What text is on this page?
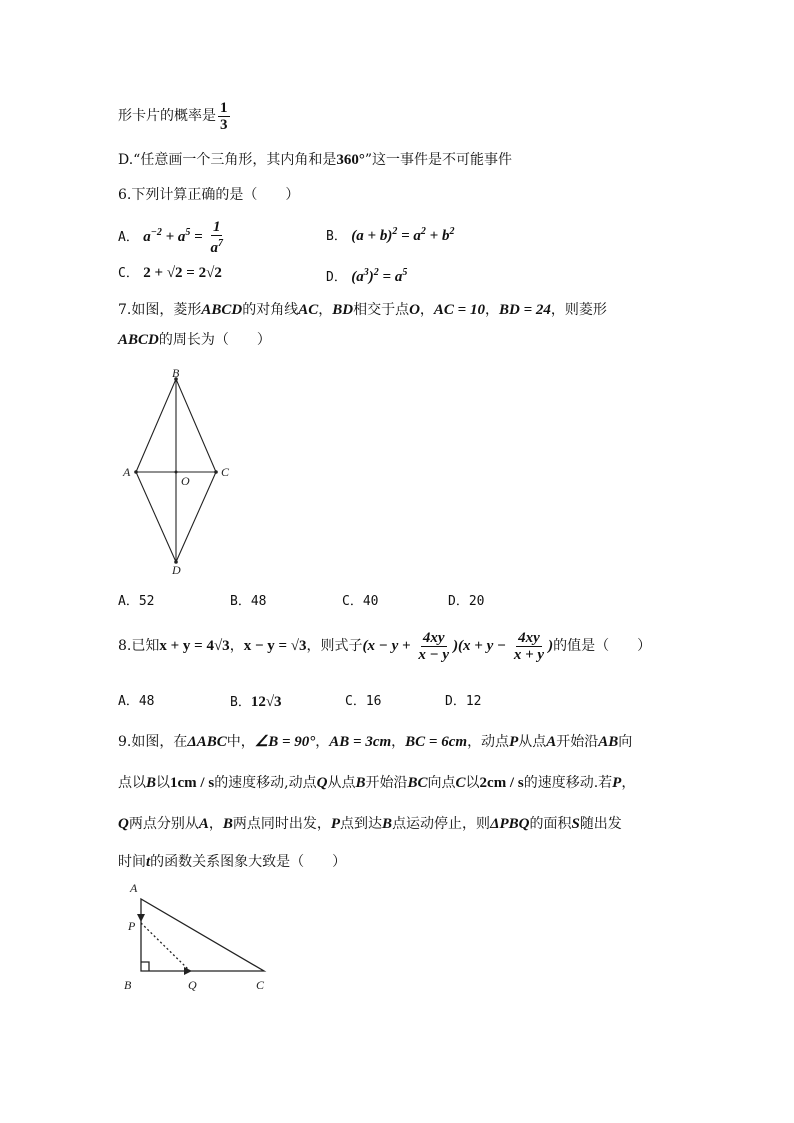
形卡片的概率是 $\frac{1}{3}$
D.“任意画一个三角形，其内角和是360°”这一事件是不可能事件
6.下列计算正确的是（　　）
A． $a^{-2} + a^5 = \frac{1}{a^7}$	B． $(a + b)^2 = a^2 + b^2$
C． 2 + √2 = 2√2	D． $(a^3)^2 = a^5$
7.如图，菱形ABCD的对角线AC，BD相交于点O，AC = 10，BD = 24，则菱形
ABCD的周长为（　　）
B
A	C
O
D
A．52	B．48	C．40	D．20
8.已知x + y = 4√3，x − y = √3，则式子$(x - y + \frac{4xy}{x - y} )(x + y - \frac{4xy}{x + y}$ )的值是（　　）
A．48	B．12√3	C．16	D．12
9.如图，在ΔABC中，∠B = 90°，AB = 3cm，BC = 6cm，动点P从点A开始沿AB向
点以B以1cm / s的速度移动,动点Q从点B开始沿BC向点C以2cm / s的速度移动.若P，
Q两点分别从A，B两点同时出发，P点到达B点运动停止，则ΔPBQ的面积S随出发
时间t的函数关系图象大致是（　　）
A
P
B	Q	C
